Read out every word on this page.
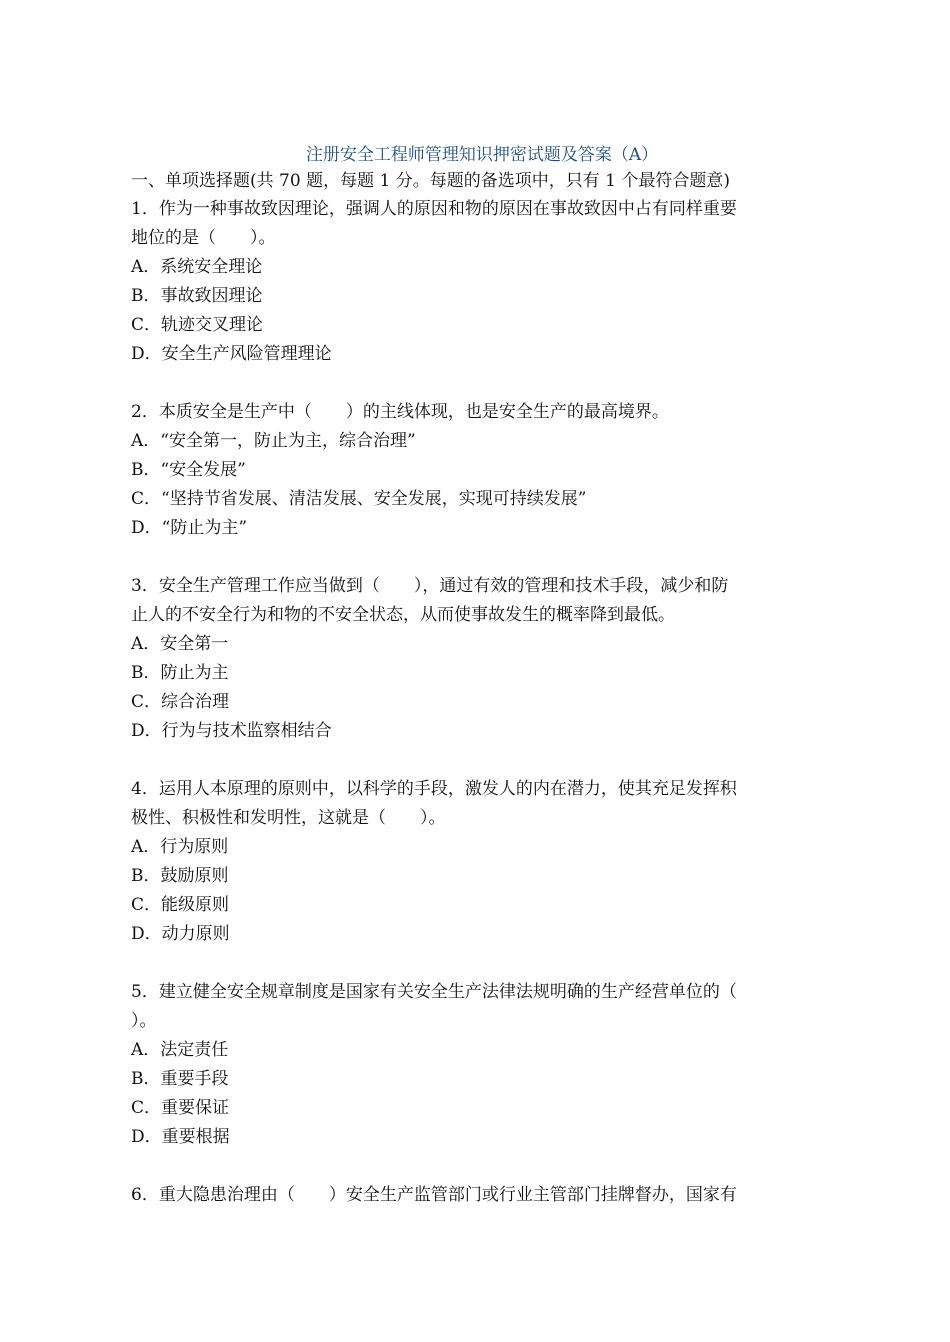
注册安全工程师管理知识押密试题及答案（A）
一、单项选择题(共 70 题，每题 1 分。每题的备选项中，只有 1 个最符合题意)
1．作为一种事故致因理论，强调人的原因和物的原因在事故致因中占有同样重要
地位的是（　　）。
A．系统安全理论
B．事故致因理论
C．轨迹交叉理论
D．安全生产风险管理理论
2．本质安全是生产中（　　）的主线体现，也是安全生产的最高境界。
A．“安全第一，防止为主，综合治理”
B．“安全发展”
C．“坚持节省发展、清洁发展、安全发展，实现可持续发展”
D．“防止为主”
3．安全生产管理工作应当做到（　　），通过有效的管理和技术手段，减少和防
止人的不安全行为和物的不安全状态，从而使事故发生的概率降到最低。
A．安全第一
B．防止为主
C．综合治理
D．行为与技术监察相结合
4．运用人本原理的原则中，以科学的手段，激发人的内在潜力，使其充足发挥积
极性、积极性和发明性，这就是（　　）。
A．行为原则
B．鼓励原则
C．能级原则
D．动力原则
5．建立健全安全规章制度是国家有关安全生产法律法规明确的生产经营单位的（
）。
A．法定责任
B．重要手段
C．重要保证
D．重要根据
6．重大隐患治理由（　　）安全生产监管部门或行业主管部门挂牌督办，国家有
